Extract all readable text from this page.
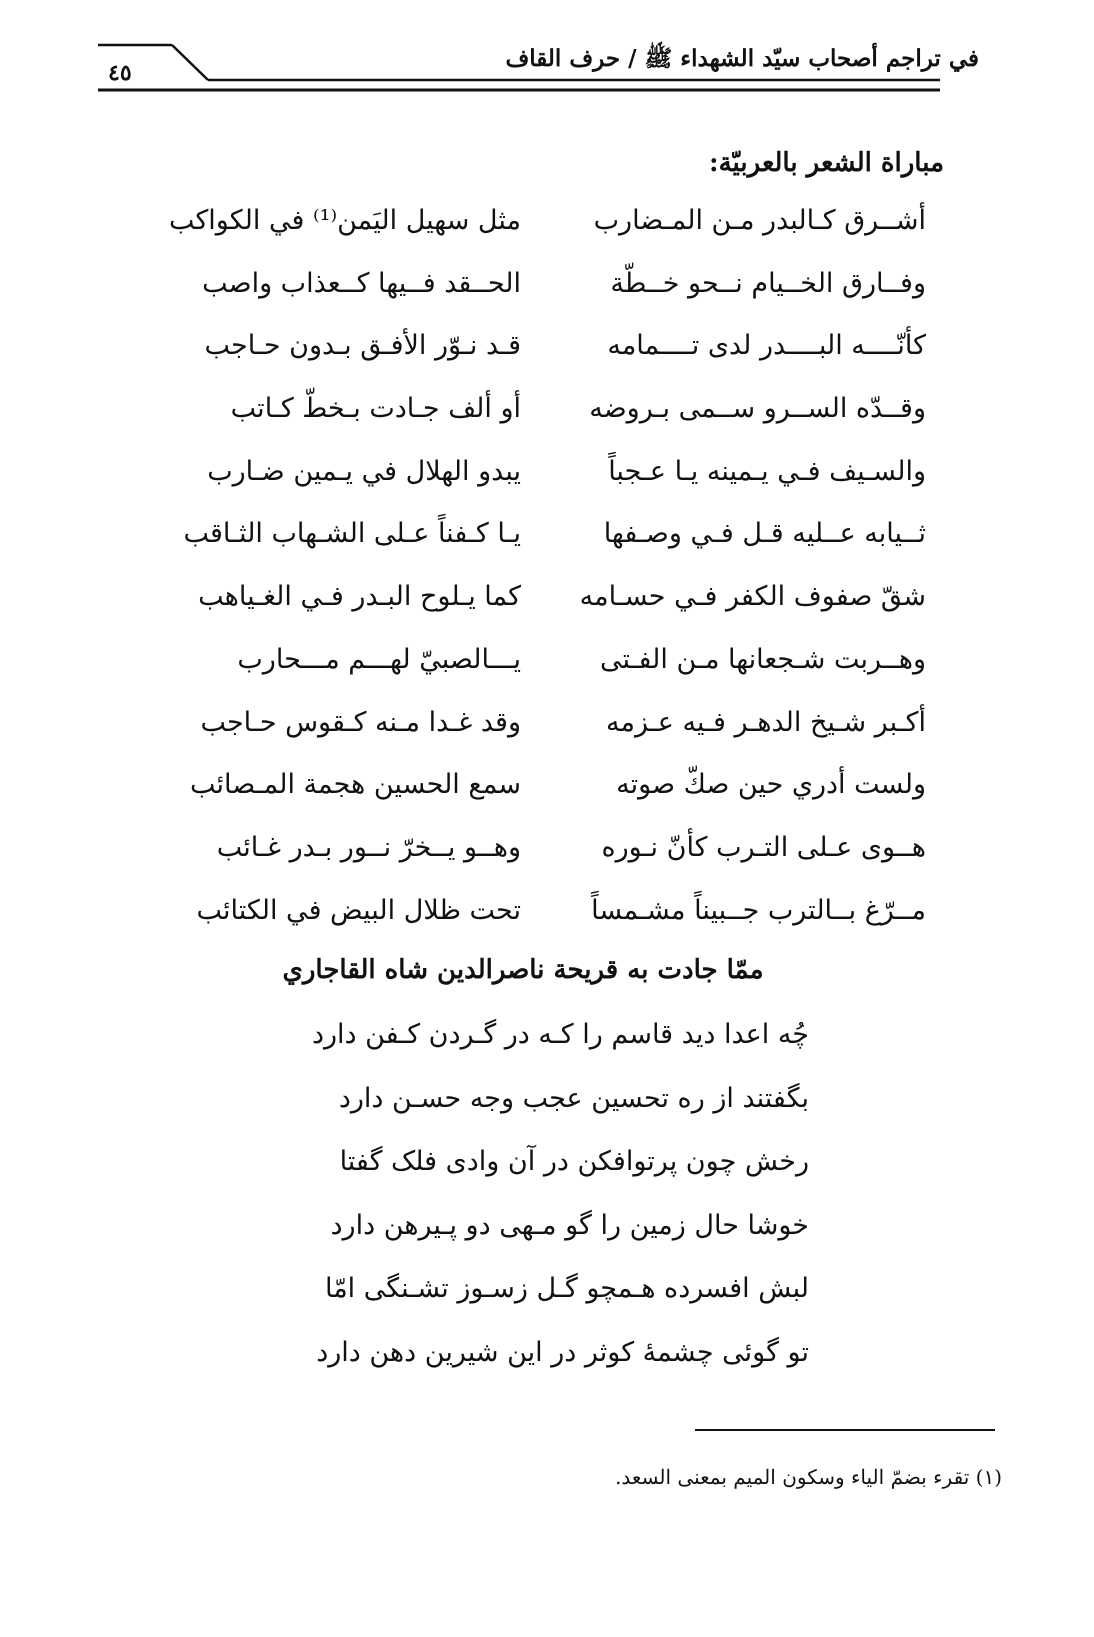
في تراجم أصحاب سيّد الشهداء ﷺ / حرف القاف
٤٥
مباراة الشعر بالعربيّة:
أشــرق كـالبدر مـن المـضارب
مثل سهيل اليَمن⁽¹⁾ في الكواكب
وفــارق الخــيام نــحو خــطّة
الحــقد فــيها كــعذاب واصب
كأنّــــه البــــدر لدى تــــمامه
قـد نـوّر الأفـق بـدون حـاجب
وقــدّه الســرو ســمى بـروضه
أو ألف جـادت بـخطّ كـاتب
والسـيف فـي يـمينه يـا عـجباً
يبدو الهلال في يـمين ضـارب
ثــيابه عــليه قـل فـي وصـفها
يـا كـفناً عـلى الشـهاب الثـاقب
شقّ صفوف الكفر فـي حسـامه
كما يـلوح البـدر فـي الغـياهب
وهــربت شـجعانها مـن الفـتى
يـــالصبيّ لهـــم مـــحارب
أكـبر شـيخ الدهـر فـيه عـزمه
وقد غـدا مـنه كـقوس حـاجب
ولست أدري حين صكّ صوته
سمع الحسين هجمة المـصائب
هــوى عـلى التـرب كأنّ نـوره
وهــو يــخرّ نــور بـدر غـائب
مــرّغ بــالترب جــبيناً مشـمساً
تحت ظلال البيض في الكتائب
ممّا جادت به قريحة ناصرالدين شاه القاجاري
چُه اعدا دید قاسم را کـه در گـردن کـفن دارد
بگفتند از ره تحسین عجب وجه حسـن دارد
رخش چون پرتوافکن در آن وادی فلک گفتا
خوشا حال زمین را گو مـهی دو پـیرهن دارد
لبش افسرده هـمچو گـل زسـوز تشـنگی امّا
تو گوئی چشمهٔ کوثر در این شیرین دهن دارد
(١) تقرء بضمّ الياء وسكون الميم بمعنى السعد.
